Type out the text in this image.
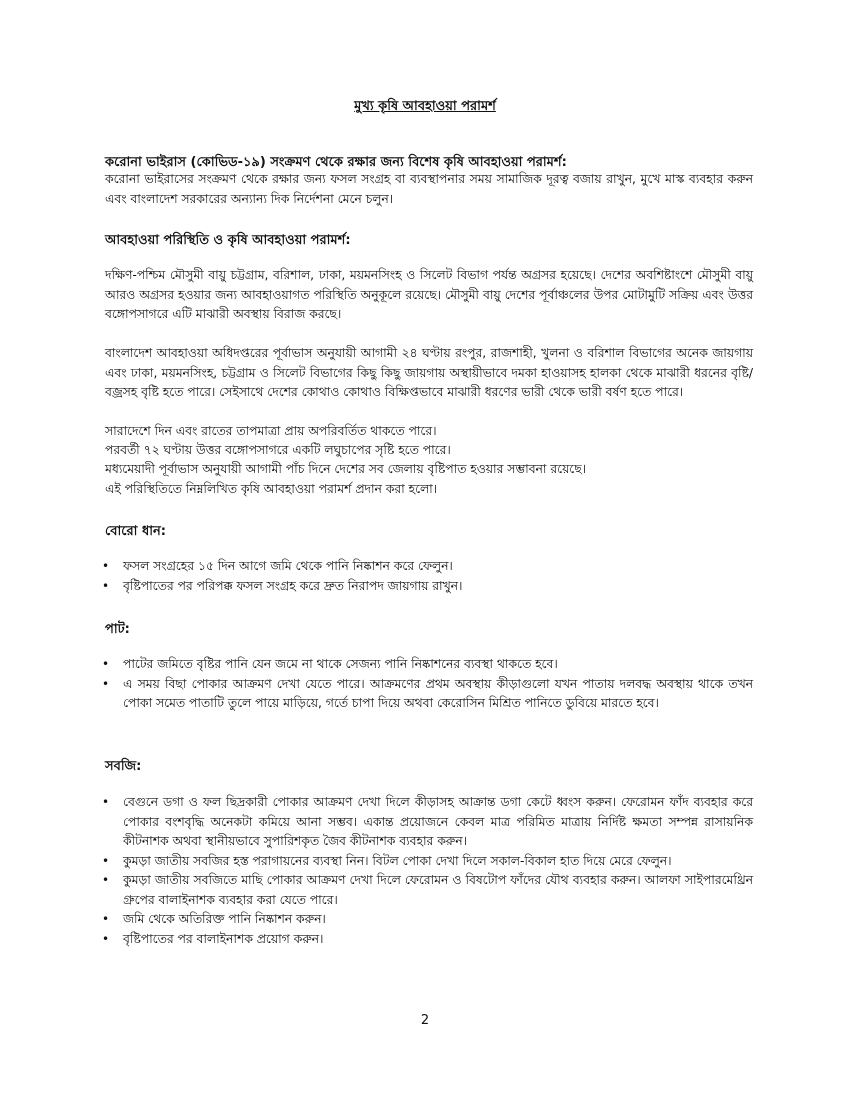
মুখ্য কৃষি আবহাওয়া পরামর্শ
করোনা ভাইরাস (কোভিড-১৯) সংক্রমণ থেকে রক্ষার জন্য বিশেষ কৃষি আবহাওয়া পরামর্শ:

করোনা ভাইরাসের সংক্রমণ থেকে রক্ষার জন্য ফসল সংগ্রহ বা ব্যবস্থাপনার সময় সামাজিক দূরত্ব বজায় রাখুন, মুখে মাস্ক ব্যবহার করুন এবং বাংলাদেশ সরকারের অন্যান্য দিক নির্দেশনা মেনে চলুন।

আবহাওয়া পরিস্থিতি ও কৃষি আবহাওয়া পরামর্শ:

দক্ষিণ-পশ্চিম মৌসুমী বায়ু চট্টগ্রাম, বরিশাল, ঢাকা, ময়মনসিংহ ও সিলেট বিভাগ পর্যন্ত অগ্রসর হয়েছে। দেশের অবশিষ্টাংশে মৌসুমী বায়ু আরও অগ্রসর হওয়ার জন্য আবহাওয়াগত পরিস্থিতি অনুকূলে রয়েছে। মৌসুমী বায়ু দেশের পূর্বাঞ্চলের উপর মোটামুটি সক্রিয় এবং উত্তর বঙ্গোপসাগরে এটি মাঝারী অবস্থায় বিরাজ করছে।

বাংলাদেশ আবহাওয়া অধিদপ্তরের পূর্বাভাস অনুযায়ী আগামী ২৪ ঘণ্টায় রংপুর, রাজশাহী, খুলনা ও বরিশাল বিভাগের অনেক জায়গায় এবং ঢাকা, ময়মনসিংহ, চট্টগ্রাম ও সিলেট বিভাগের কিছু কিছু জায়গায় অস্থায়ীভাবে দমকা হাওয়াসহ হালকা থেকে মাঝারী ধরনের বৃষ্টি/বজ্রসহ বৃষ্টি হতে পারে। সেইসাথে দেশের কোথাও কোথাও বিক্ষিপ্তভাবে মাঝারী ধরণের ভারী থেকে ভারী বর্ষণ হতে পারে।

সারাদেশে দিন এবং রাতের তাপমাত্রা প্রায় অপরিবর্তিত থাকতে পারে।

পরবর্তী ৭২ ঘণ্টায় উত্তর বঙ্গোপসাগরে একটি লঘুচাপের সৃষ্টি হতে পারে।

মধ্যমেয়াদী পূর্বাভাস অনুযায়ী আগামী পাঁচ দিনে দেশের সব জেলায় বৃষ্টিপাত হওয়ার সম্ভাবনা রয়েছে।

এই পরিস্থিতিতে নিম্নলিখিত কৃষি আবহাওয়া পরামর্শ প্রদান করা হলো।

বোরো ধান:
• ফসল সংগ্রহের ১৫ দিন আগে জমি থেকে পানি নিষ্কাশন করে ফেলুন।
• বৃষ্টিপাতের পর পরিপক্ক ফসল সংগ্রহ করে দ্রুত নিরাপদ জায়গায় রাখুন।
পাট:
• পাটের জমিতে বৃষ্টির পানি যেন জমে না থাকে সেজন্য পানি নিষ্কাশনের ব্যবস্থা থাকতে হবে।
• এ সময় বিছা পোকার আক্রমণ দেখা যেতে পারে। আক্রমণের প্রথম অবস্থায় কীড়াগুলো যখন পাতায় দলবদ্ধ অবস্থায় থাকে তখন পোকা সমেত পাতাটি তুলে পায়ে মাড়িয়ে, গর্তে চাপা দিয়ে অথবা কেরোসিন মিশ্রিত পানিতে ডুবিয়ে মারতে হবে।
সবজি:
• বেগুনে ডগা ও ফল ছিদ্রকারী পোকার আক্রমণ দেখা দিলে কীড়াসহ আক্রান্ত ডগা কেটে ধ্বংস করুন। ফেরোমন ফাঁদ ব্যবহার করে পোকার বংশবৃদ্ধি অনেকটা কমিয়ে আনা সম্ভব। একান্ত প্রয়োজনে কেবল মাত্র পরিমিত মাত্রায় নির্দিষ্ট ক্ষমতা সম্পন্ন রাসায়নিক কীটনাশক অথবা স্থানীয়ভাবে সুপারিশকৃত জৈব কীটনাশক ব্যবহার করুন।
• কুমড়া জাতীয় সবজির হস্ত পরাগায়নের ব্যবস্থা নিন। বিটল পোকা দেখা দিলে সকাল-বিকাল হাত দিয়ে মেরে ফেলুন।
• কুমড়া জাতীয় সবজিতে মাছি পোকার আক্রমণ দেখা দিলে ফেরোমন ও বিষটোপ ফাঁদের যৌথ ব্যবহার করুন। আলফা সাইপারমেথ্রিন গ্রুপের বালাইনাশক ব্যবহার করা যেতে পারে।
• জমি থেকে অতিরিক্ত পানি নিষ্কাশন করুন।
• বৃষ্টিপাতের পর বালাইনাশক প্রয়োগ করুন।

2
